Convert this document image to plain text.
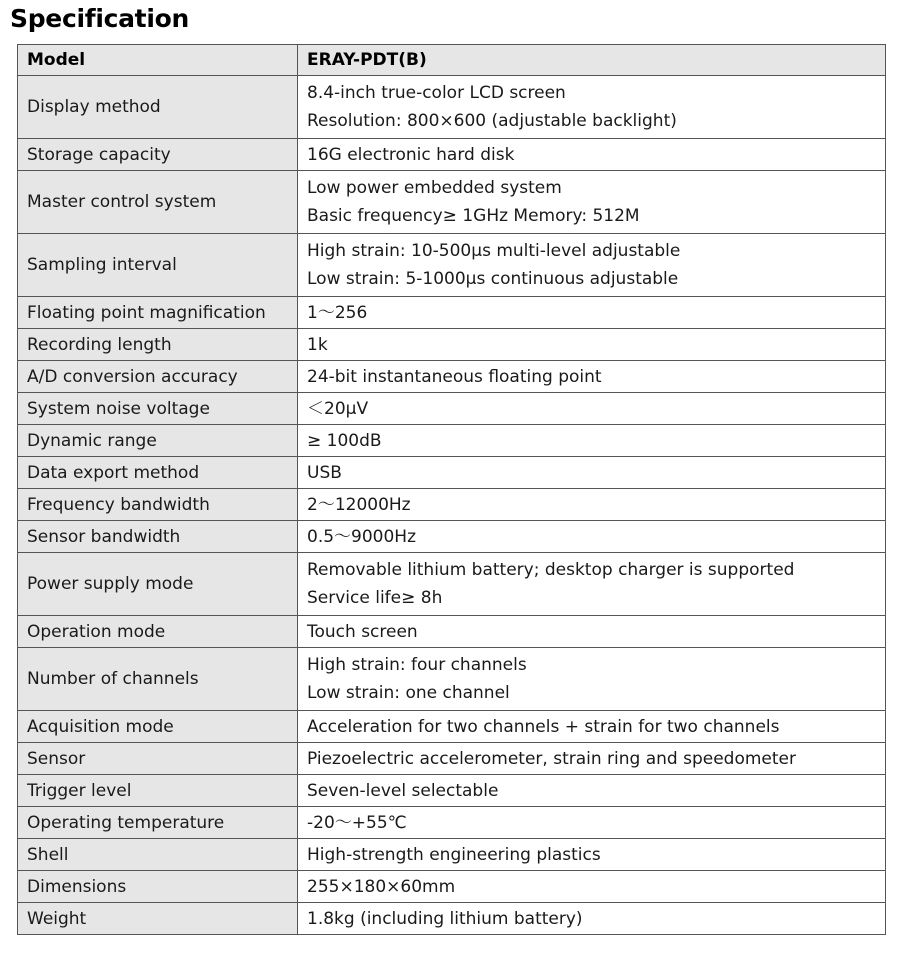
Specification
Model	ERAY-PDT(B)
Display method	8.4-inch true-color LCD screen
Resolution: 800×600 (adjustable backlight)

Storage capacity	16G electronic hard disk

Master control system	Low power embedded system
Basic frequency≥ 1GHz Memory: 512M

Sampling interval	High strain: 10-500μs multi-level adjustable
Low strain: 5-1000μs continuous adjustable

Floating point magnification	1～256

Recording length	1k

A/D conversion accuracy	24-bit instantaneous floating point

System noise voltage	＜20μV

Dynamic range	≥ 100dB

Data export method	USB

Frequency bandwidth	2～12000Hz

Sensor bandwidth	0.5～9000Hz

Power supply mode	Removable lithium battery; desktop charger is supported
Service life≥ 8h

Operation mode	Touch screen

Number of channels	High strain: four channels
Low strain: one channel

Acquisition mode	Acceleration for two channels + strain for two channels

Sensor	Piezoelectric accelerometer, strain ring and speedometer

Trigger level	Seven-level selectable

Operating temperature	-20～+55℃

Shell	High-strength engineering plastics

Dimensions	255×180×60mm

Weight	1.8kg (including lithium battery)
